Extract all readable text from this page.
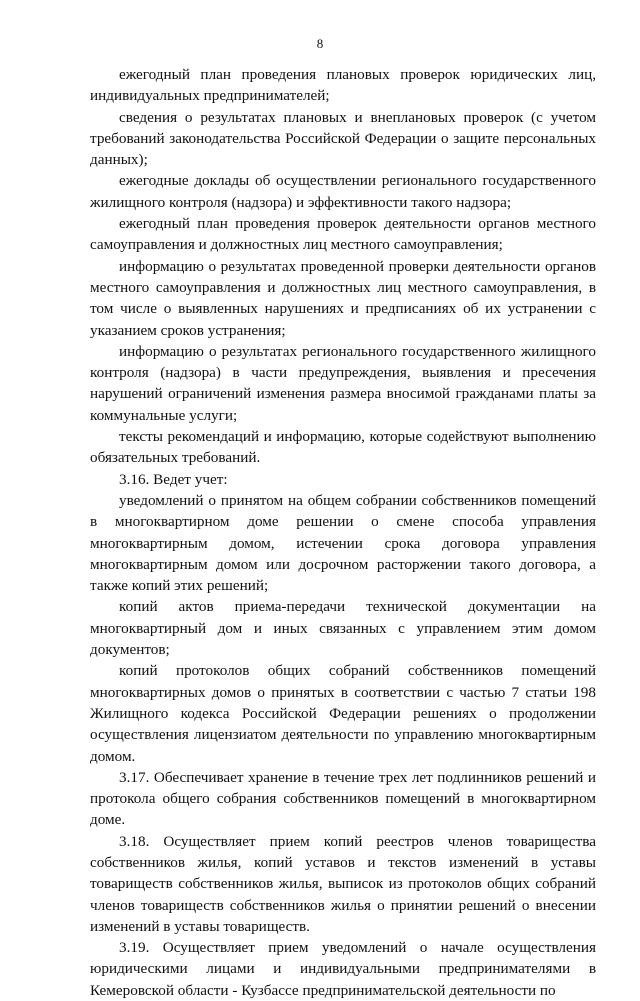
8

ежегодный план проведения плановых проверок юридических лиц, индивидуальных предпринимателей;

сведения о результатах плановых и внеплановых проверок (с учетом требований законодательства Российской Федерации о защите персональных данных);

ежегодные доклады об осуществлении регионального государственного жилищного контроля (надзора) и эффективности такого надзора;

ежегодный план проведения проверок деятельности органов местного самоуправления и должностных лиц местного самоуправления;

информацию о результатах проведенной проверки деятельности органов местного самоуправления и должностных лиц местного самоуправления, в том числе о выявленных нарушениях и предписаниях об их устранении с указанием сроков устранения;

информацию о результатах регионального государственного жилищного контроля (надзора) в части предупреждения, выявления и пресечения нарушений ограничений изменения размера вносимой гражданами платы за коммунальные услуги;

тексты рекомендаций и информацию, которые содействуют выполнению обязательных требований.

3.16. Ведет учет:

уведомлений о принятом на общем собрании собственников помещений в многоквартирном доме решении о смене способа управления многоквартирным домом, истечении срока договора управления многоквартирным домом или досрочном расторжении такого договора, а также копий этих решений;

копий актов приема-передачи технической документации на многоквартирный дом и иных связанных с управлением этим домом документов;

копий протоколов общих собраний собственников помещений многоквартирных домов о принятых в соответствии с частью 7 статьи 198 Жилищного кодекса Российской Федерации решениях о продолжении осуществления лицензиатом деятельности по управлению многоквартирным домом.

3.17. Обеспечивает хранение в течение трех лет подлинников решений и протокола общего собрания собственников помещений в многоквартирном доме.

3.18. Осуществляет прием копий реестров членов товарищества собственников жилья, копий уставов и текстов изменений в уставы товариществ собственников жилья, выписок из протоколов общих собраний членов товариществ собственников жилья о принятии решений о внесении изменений в уставы товариществ.

3.19. Осуществляет прием уведомлений о начале осуществления юридическими лицами и индивидуальными предпринимателями в Кемеровской области - Кузбассе предпринимательской деятельности по
